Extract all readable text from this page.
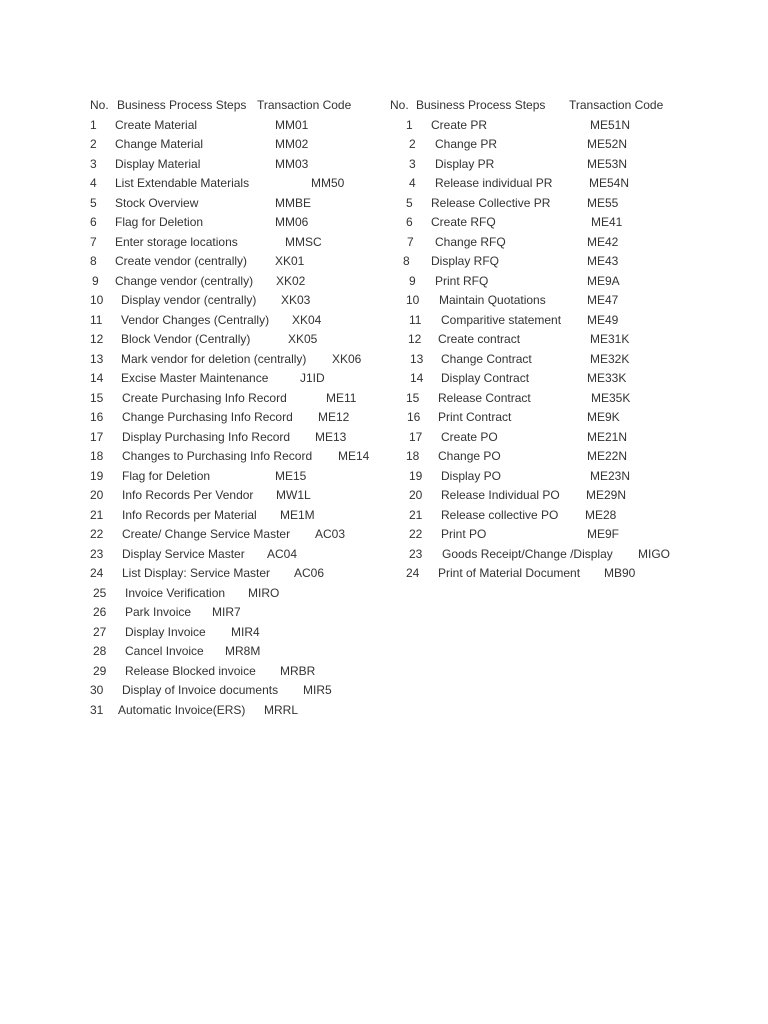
No. Business Process Steps Transaction Code
1 Create Material	MM01
2 Change Material	MM02
3 Display Material	MM03
4 List Extendable Materials	MM50
5 Stock Overview	MMBE
6 Flag for Deletion	MM06
7 Enter storage locations	MMSC
8 Create vendor (centrally) XK01
9 Change vendor (centrally) XK02
10 Display vendor (centrally) XK03
11 Vendor Changes (Centrally) XK04
12 Block Vendor (Centrally)	XK05
13 Mark vendor for deletion (centrally) XK06
14 Excise Master Maintenance	J1ID
15 Create Purchasing Info Record	ME11
16 Change Purchasing Info Record ME12
17 Display Purchasing Info Record ME13
18 Changes to Purchasing Info Record ME14
19 Flag for Deletion	ME15
20 Info Records Per Vendor MW1L
21 Info Records per Material ME1M
22 Create/ Change Service Master AC03
23 Display Service Master AC04
24 List Display: Service Master AC06
25 Invoice Verification MIRO
26 Park Invoice MIR7
27 Display Invoice MIR4
28 Cancel Invoice MR8M
29 Release Blocked invoice MRBR
30 Display of Invoice documents MIR5
31 Automatic Invoice(ERS) MRRL
No. Business Process Steps Transaction Code
1 Create PR	ME51N
2 Change PR	ME52N
3 Display PR	ME53N
4 Release individual PR	ME54N
5 Release Collective PR	ME55
6 Create RFQ	ME41
7 Change RFQ	ME42
8 Display RFQ	ME43
9 Print RFQ	ME9A
10 Maintain Quotations	ME47
11 Comparitive statement ME49
12 Create contract	ME31K
13 Change Contract	ME32K
14 Display Contract	ME33K
15 Release Contract	ME35K
16 Print Contract	ME9K
17 Create PO	ME21N
18 Change PO	ME22N
19 Display PO	ME23N
20 Release Individual PO ME29N
21 Release collective PO ME28
22 Print PO	ME9F
23 Goods Receipt/Change /Display MIGO
24 Print of Material Document MB90
